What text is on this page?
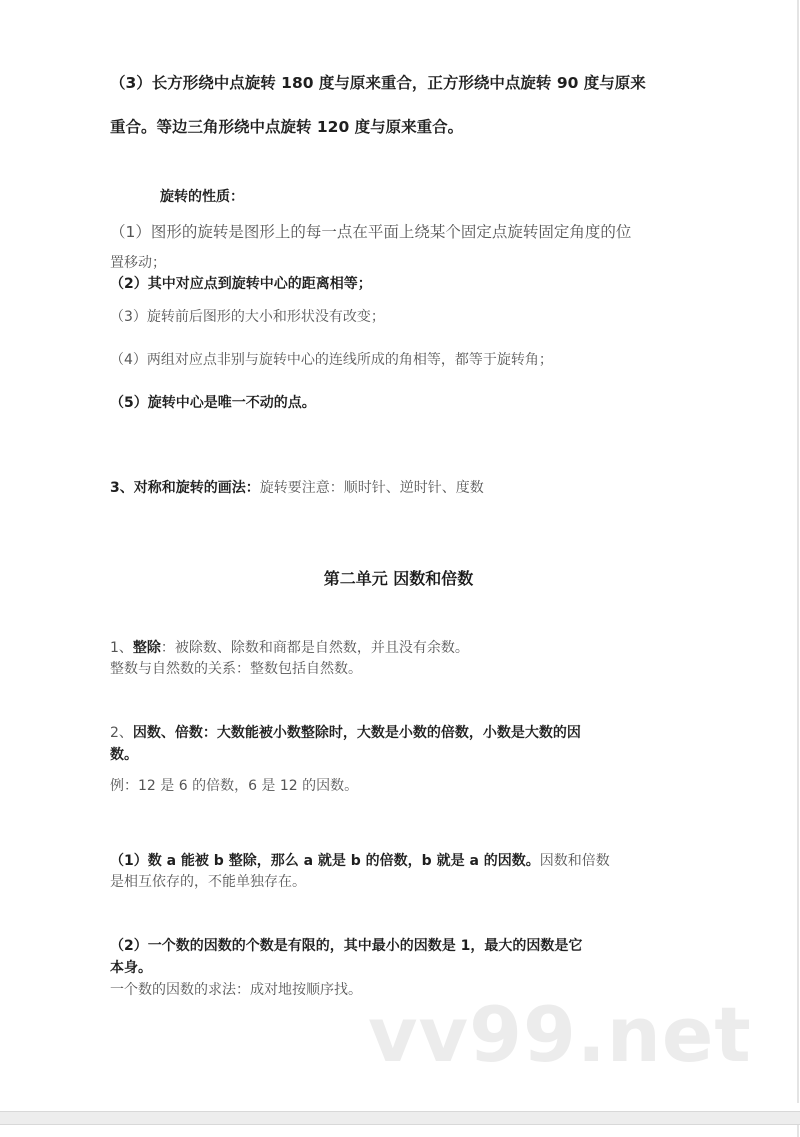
（3）长方形绕中点旋转 180 度与原来重合，正方形绕中点旋转 90 度与原来
重合。等边三角形绕中点旋转 120 度与原来重合。
旋转的性质：
（1）图形的旋转是图形上的每一点在平面上绕某个固定点旋转固定角度的位
置移动；
（2）其中对应点到旋转中心的距离相等；
（3）旋转前后图形的大小和形状没有改变；
（4）两组对应点非别与旋转中心的连线所成的角相等，都等于旋转角；
（5）旋转中心是唯一不动的点。
3、对称和旋转的画法：旋转要注意：顺时针、逆时针、度数
第二单元 因数和倍数
1、整除：被除数、除数和商都是自然数，并且没有余数。
整数与自然数的关系：整数包括自然数。
2、因数、倍数：大数能被小数整除时，大数是小数的倍数，小数是大数的因
数。
例：12 是 6 的倍数，6 是 12 的因数。
（1）数 a 能被 b 整除，那么 a 就是 b 的倍数，b 就是 a 的因数。因数和倍数
是相互依存的，不能单独存在。
（2）一个数的因数的个数是有限的，其中最小的因数是 1，最大的因数是它
本身。
一个数的因数的求法：成对地按顺序找。 vv99.net
